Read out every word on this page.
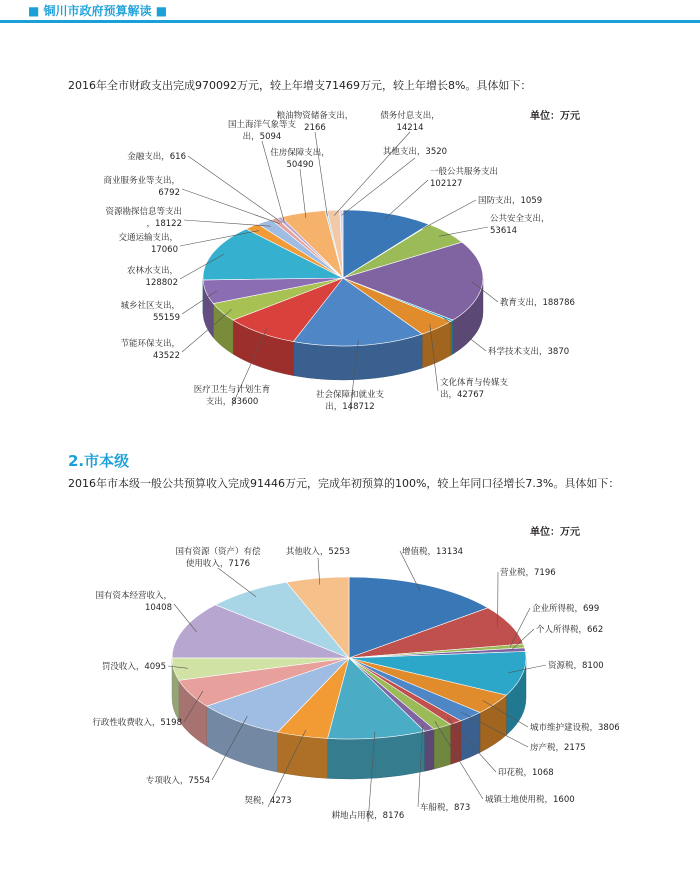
■ 铜川市政府预算解读 ■
2016年全市财政支出完成970092万元，较上年增支71469万元，较上年增长8%。具体如下：
单位：万元
一般公共服务支出
102127
国防支出，1059
公共安全支出，
53614
教育支出，188786
科学技术支出，3870
文化体育与传媒支
出，42767
社会保障和就业支
出，148712
医疗卫生与计划生育
支出，83600
节能环保支出，
43522
城乡社区支出，
55159
农林水支出，
128802
交通运输支出，
17060
资源勘探信息等支出
，18122
商业服务业等支出，
6792
金融支出，616
国土海洋气象等支
出，5094
住房保障支出，
50490
粮油物资储备支出，
2166
债务付息支出，
14214
其他支出，3520
2.市本级
2016年市本级一般公共预算收入完成91446万元，完成年初预算的100%，较上年同口径增长7.3%。具体如下：
单位：万元
增值税，13134
营业税，7196
企业所得税，699
个人所得税，662
资源税，8100
城市维护建设税，3806
房产税，2175
印花税，1068
城镇土地使用税，1600
车船税，873
耕地占用税，8176
契税，4273
专项收入，7554
行政性收费收入，5198
罚没收入，4095
国有资本经营收入，
10408
国有资源（资产）有偿
使用收入，7176
其他收入，5253
